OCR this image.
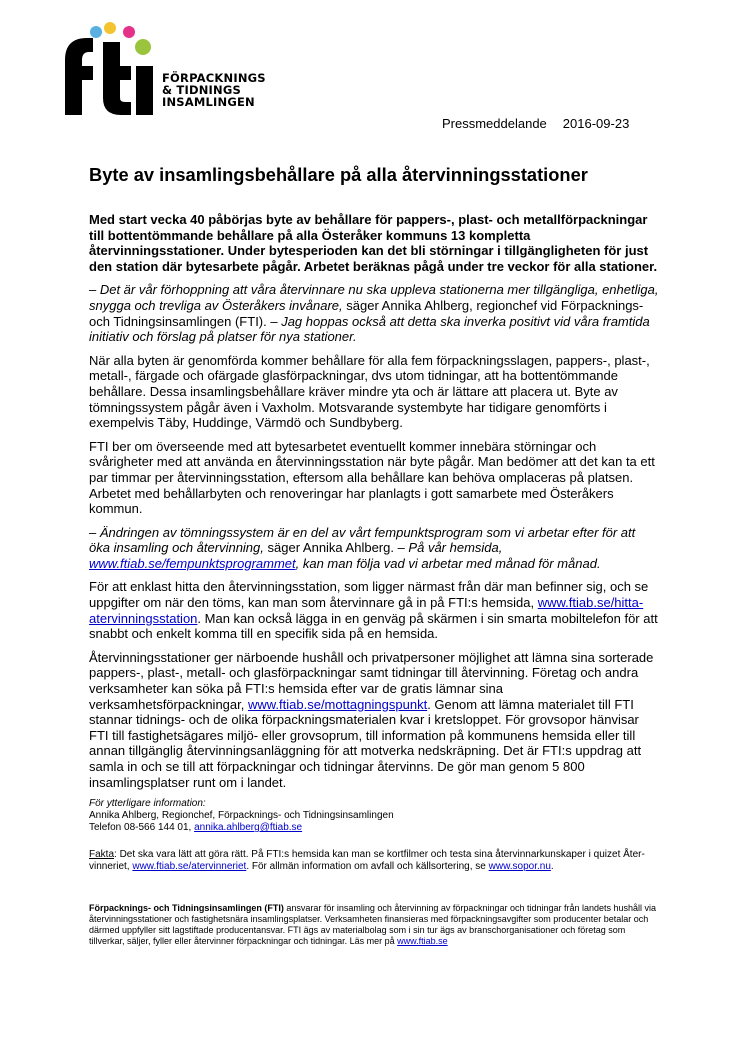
FÖRPACKNINGS
& TIDNINGS
INSAMLINGEN
Pressmeddelande 2016-09-23
Byte av insamlingsbehållare på alla återvinningsstationer

Med start vecka 40 påbörjas byte av behållare för pappers-, plast- och metallförpackningar till bottentömmande behållare på alla Österåker kommuns 13 kompletta återvinningsstationer. Under bytesperioden kan det bli störningar i tillgängligheten för just den station där bytesarbete pågår. Arbetet beräknas pågå under tre veckor för alla stationer.

– Det är vår förhoppning att våra återvinnare nu ska uppleva stationerna mer tillgängliga, enhetliga, snygga och trevliga av Österåkers invånare, säger Annika Ahlberg, regionchef vid Förpacknings- och Tidningsinsamlingen (FTI). – Jag hoppas också att detta ska inverka positivt vid våra framtida initiativ och förslag på platser för nya stationer.

När alla byten är genomförda kommer behållare för alla fem förpackningsslagen, pappers-, plast-, metall-, färgade och ofärgade glasförpackningar, dvs utom tidningar, att ha bottentömmande behållare. Dessa insamlingsbehållare kräver mindre yta och är lättare att placera ut. Byte av tömningssystem pågår även i Vaxholm. Motsvarande systembyte har tidigare genomförts i exempelvis Täby, Huddinge, Värmdö och Sundbyberg.

FTI ber om överseende med att bytesarbetet eventuellt kommer innebära störningar och svårigheter med att använda en återvinningsstation när byte pågår. Man bedömer att det kan ta ett par timmar per återvinningsstation, eftersom alla behållare kan behöva omplaceras på platsen. Arbetet med behållarbyten och renoveringar har planlagts i gott samarbete med Österåkers kommun.

– Ändringen av tömningssystem är en del av vårt fempunktsprogram som vi arbetar efter för att öka insamling och återvinning, säger Annika Ahlberg. – På vår hemsida, www.ftiab.se/fempunktsprogrammet, kan man följa vad vi arbetar med månad för månad.

För att enklast hitta den återvinningsstation, som ligger närmast från där man befinner sig, och se uppgifter om när den töms, kan man som återvinnare gå in på FTI:s hemsida, www.ftiab.se/hitta-atervinningsstation. Man kan också lägga in en genväg på skärmen i sin smarta mobiltelefon för att snabbt och enkelt komma till en specifik sida på en hemsida.

Återvinningsstationer ger närboende hushåll och privatpersoner möjlighet att lämna sina sorterade pappers-, plast-, metall- och glasförpackningar samt tidningar till återvinning. Företag och andra verksamheter kan söka på FTI:s hemsida efter var de gratis lämnar sina verksamhetsförpackningar, www.ftiab.se/mottagningspunkt. Genom att lämna materialet till FTI stannar tidnings- och de olika förpackningsmaterialen kvar i kretsloppet. För grovsopor hänvisar FTI till fastighetsägares miljö- eller grovsoprum, till information på kommunens hemsida eller till annan tillgänglig återvinningsanläggning för att motverka nedskräpning. Det är FTI:s uppdrag att samla in och se till att förpackningar och tidningar återvinns. De gör man genom 5 800 insamlingsplatser runt om i landet.

För ytterligare information:
Annika Ahlberg, Regionchef, Förpacknings- och Tidningsinsamlingen
Telefon 08-566 144 01, annika.ahlberg@ftiab.se
Fakta: Det ska vara lätt att göra rätt. På FTI:s hemsida kan man se kortfilmer och testa sina återvinnarkunskaper i quizet Åter-vinneriet, www.ftiab.se/atervinneriet. För allmän information om avfall och källsortering, se www.sopor.nu.
Förpacknings- och Tidningsinsamlingen (FTI) ansvarar för insamling och återvinning av förpackningar och tidningar från landets hushåll via återvinningsstationer och fastighetsnära insamlingsplatser. Verksamheten finansieras med förpackningsavgifter som producenter betalar och därmed uppfyller sitt lagstiftade producentansvar. FTI ägs av materialbolag som i sin tur ägs av branschorganisationer och företag som tillverkar, säljer, fyller eller återvinner förpackningar och tidningar. Läs mer på www.ftiab.se
